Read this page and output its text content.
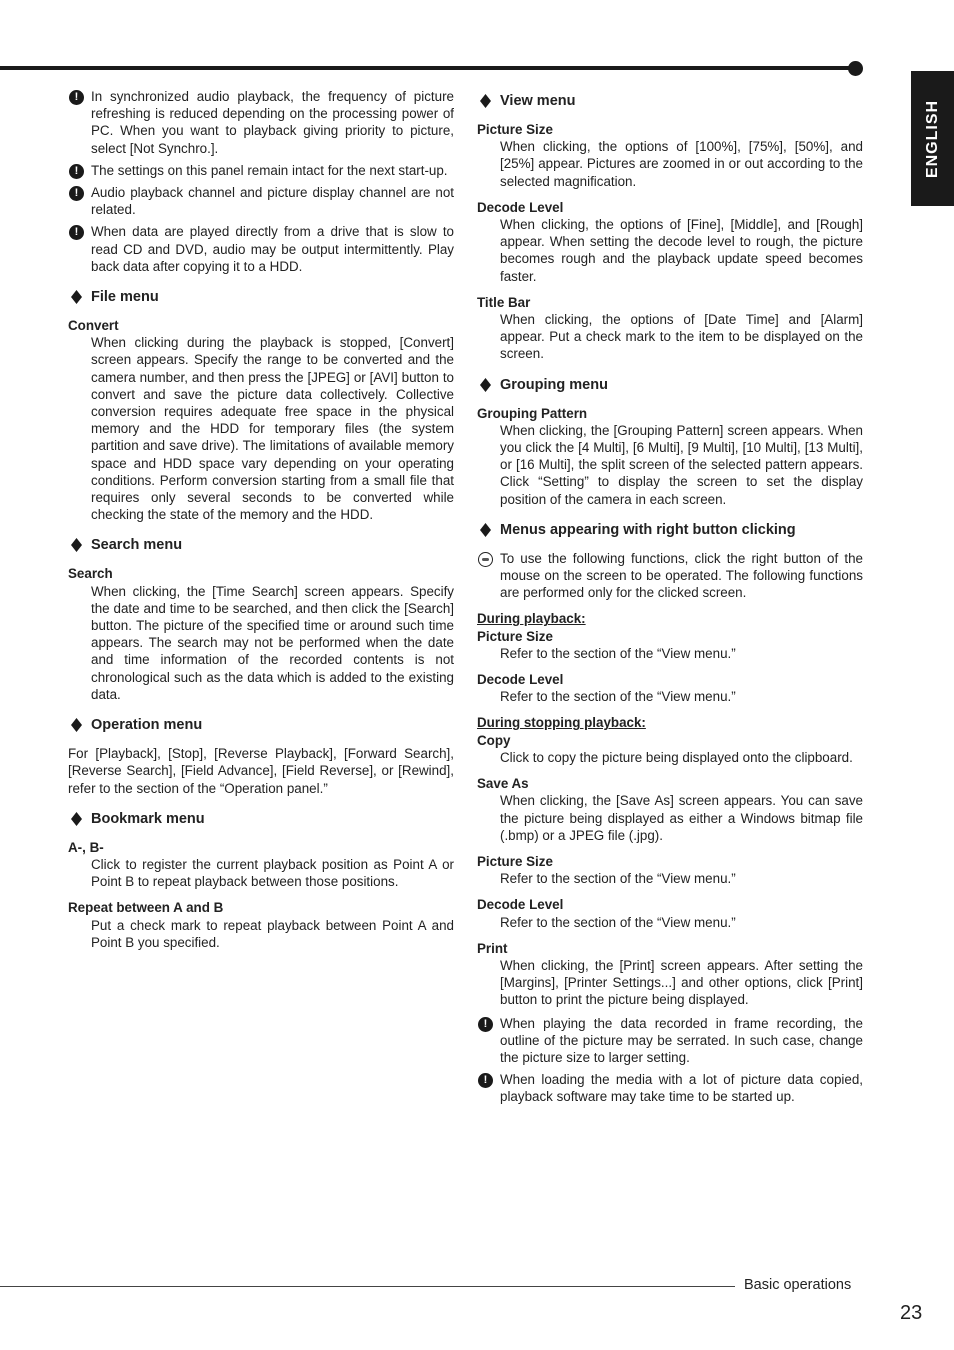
ENGLISH
! In synchronized audio playback, the frequency of picture refreshing is reduced depending on the processing power of PC. When you want to playback giving priority to picture, select [Not Synchro.].
! The settings on this panel remain intact for the next start-up.
! Audio playback channel and picture display channel are not related.
! When data are played directly from a drive that is slow to read CD and DVD, audio may be output intermittently. Play back data after copying it to a HDD.
File menu
Convert
When clicking during the playback is stopped, [Convert] screen appears. Specify the range to be converted and the camera number, and then press the [JPEG] or [AVI] button to convert and save the picture data collectively. Collective conversion requires adequate free space in the physical memory and the HDD for temporary files (the system partition and save drive). The limitations of available memory space and HDD space vary depending on your operating conditions. Perform conversion starting from a small file that requires only several seconds to be converted while checking the state of the memory and the HDD.
Search menu
Search
When clicking, the [Time Search] screen appears. Specify the date and time to be searched, and then click the [Search] button. The picture of the specified time or around such time appears. The search may not be performed when the date and time information of the recorded contents is not chronological such as the data which is added to the existing data.
Operation menu
For [Playback], [Stop], [Reverse Playback], [Forward Search], [Reverse Search], [Field Advance], [Field Reverse], or [Rewind], refer to the section of the “Operation panel.”
Bookmark menu
A-, B-
Click to register the current playback position as Point A or Point B to repeat playback between those positions.
Repeat between A and B
Put a check mark to repeat playback between Point A and Point B you specified.
View menu
Picture Size
When clicking, the options of [100%], [75%], [50%], and [25%] appear. Pictures are zoomed in or out according to the selected magnification.
Decode Level
When clicking, the options of [Fine], [Middle], and [Rough] appear. When setting the decode level to rough, the picture becomes rough and the playback update speed becomes faster.
Title Bar
When clicking, the options of [Date Time] and [Alarm] appear. Put a check mark to the item to be displayed on the screen.
Grouping menu
Grouping Pattern
When clicking, the [Grouping Pattern] screen appears. When you click the [4 Multi], [6 Multi], [9 Multi], [10 Multi], [13 Multi], or [16 Multi], the split screen of the selected pattern appears. Click “Setting” to display the screen to set the display position of the camera in each screen.
Menus appearing with right button clicking
To use the following functions, click the right button of the mouse on the screen to be operated. The following functions are performed only for the clicked screen.
During playback:
Picture Size
Refer to the section of the “View menu.”
Decode Level
Refer to the section of the “View menu.”
During stopping playback:
Copy
Click to copy the picture being displayed onto the clipboard.
Save As
When clicking, the [Save As] screen appears. You can save the picture being displayed as either a Windows bitmap file (.bmp) or a JPEG file (.jpg).
Picture Size
Refer to the section of the “View menu.”
Decode Level
Refer to the section of the “View menu.”
Print
When clicking, the [Print] screen appears. After setting the [Margins], [Printer Settings...] and other options, click [Print] button to print the picture being displayed.
! When playing the data recorded in frame recording, the outline of the picture may be serrated. In such case, change the picture size to larger setting.
! When loading the media with a lot of picture data copied, playback software may take time to be started up.
Basic operations
23
